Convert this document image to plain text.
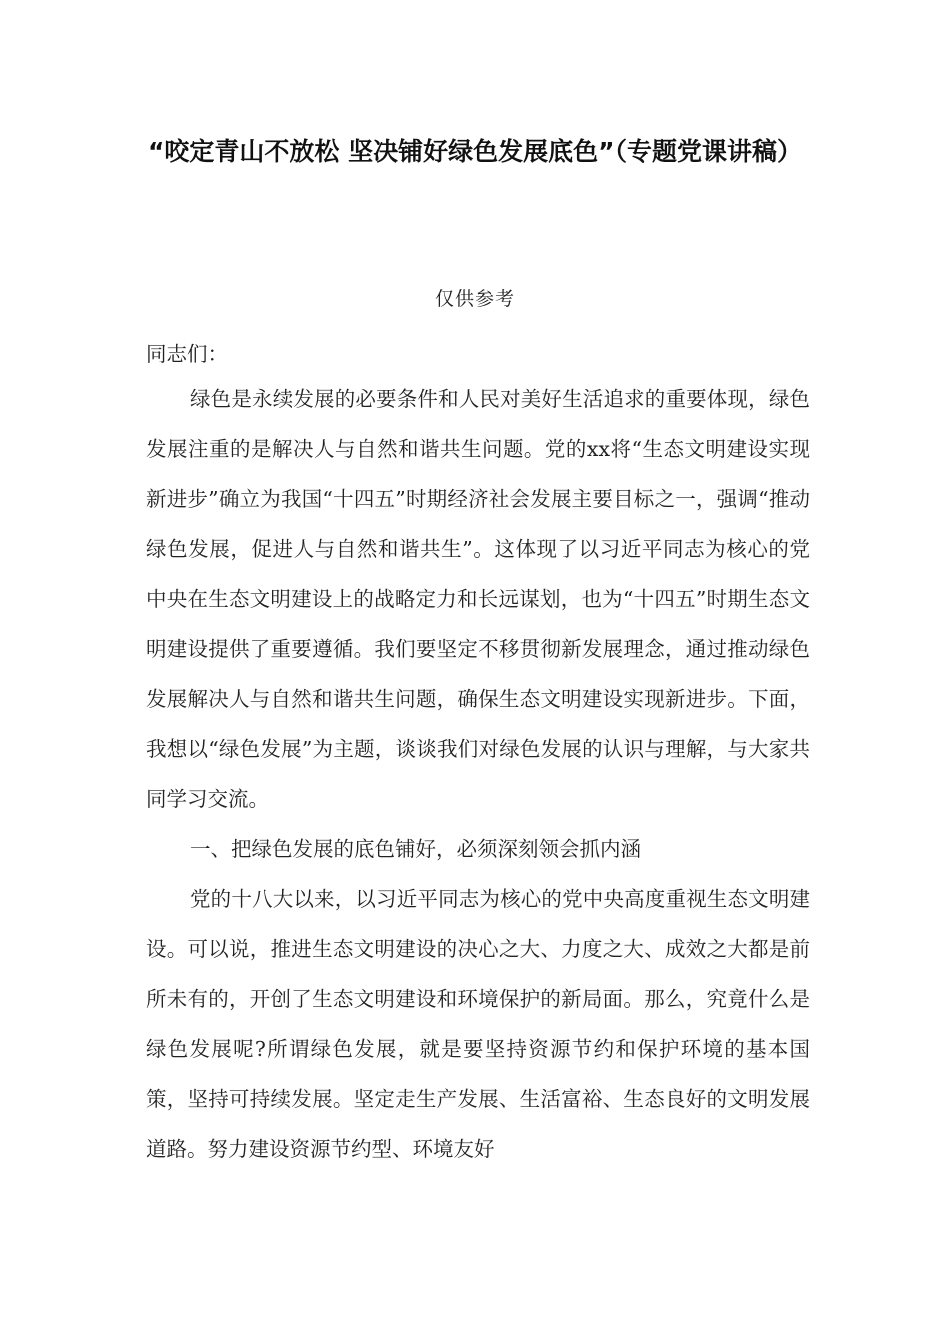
“咬定青山不放松 坚决铺好绿色发展底色”（专题党课讲稿）
仅供参考

同志们：

绿色是永续发展的必要条件和人民对美好生活追求的重要体现，绿色发展注重的是解决人与自然和谐共生问题。党的xx将“生态文明建设实现新进步”确立为我国“十四五”时期经济社会发展主要目标之一，强调“推动绿色发展，促进人与自然和谐共生”。这体现了以习近平同志为核心的党中央在生态文明建设上的战略定力和长远谋划，也为“十四五”时期生态文明建设提供了重要遵循。我们要坚定不移贯彻新发展理念，通过推动绿色发展解决人与自然和谐共生问题，确保生态文明建设实现新进步。下面，我想以“绿色发展”为主题，谈谈我们对绿色发展的认识与理解，与大家共同学习交流。

一、把绿色发展的底色铺好，必须深刻领会抓内涵

党的十八大以来，以习近平同志为核心的党中央高度重视生态文明建设。可以说，推进生态文明建设的决心之大、力度之大、成效之大都是前所未有的，开创了生态文明建设和环境保护的新局面。那么，究竟什么是绿色发展呢?所谓绿色发展，就是要坚持资源节约和保护环境的基本国策，坚持可持续发展。坚定走生产发展、生活富裕、生态良好的文明发展道路。努力建设资源节约型、环境友好
